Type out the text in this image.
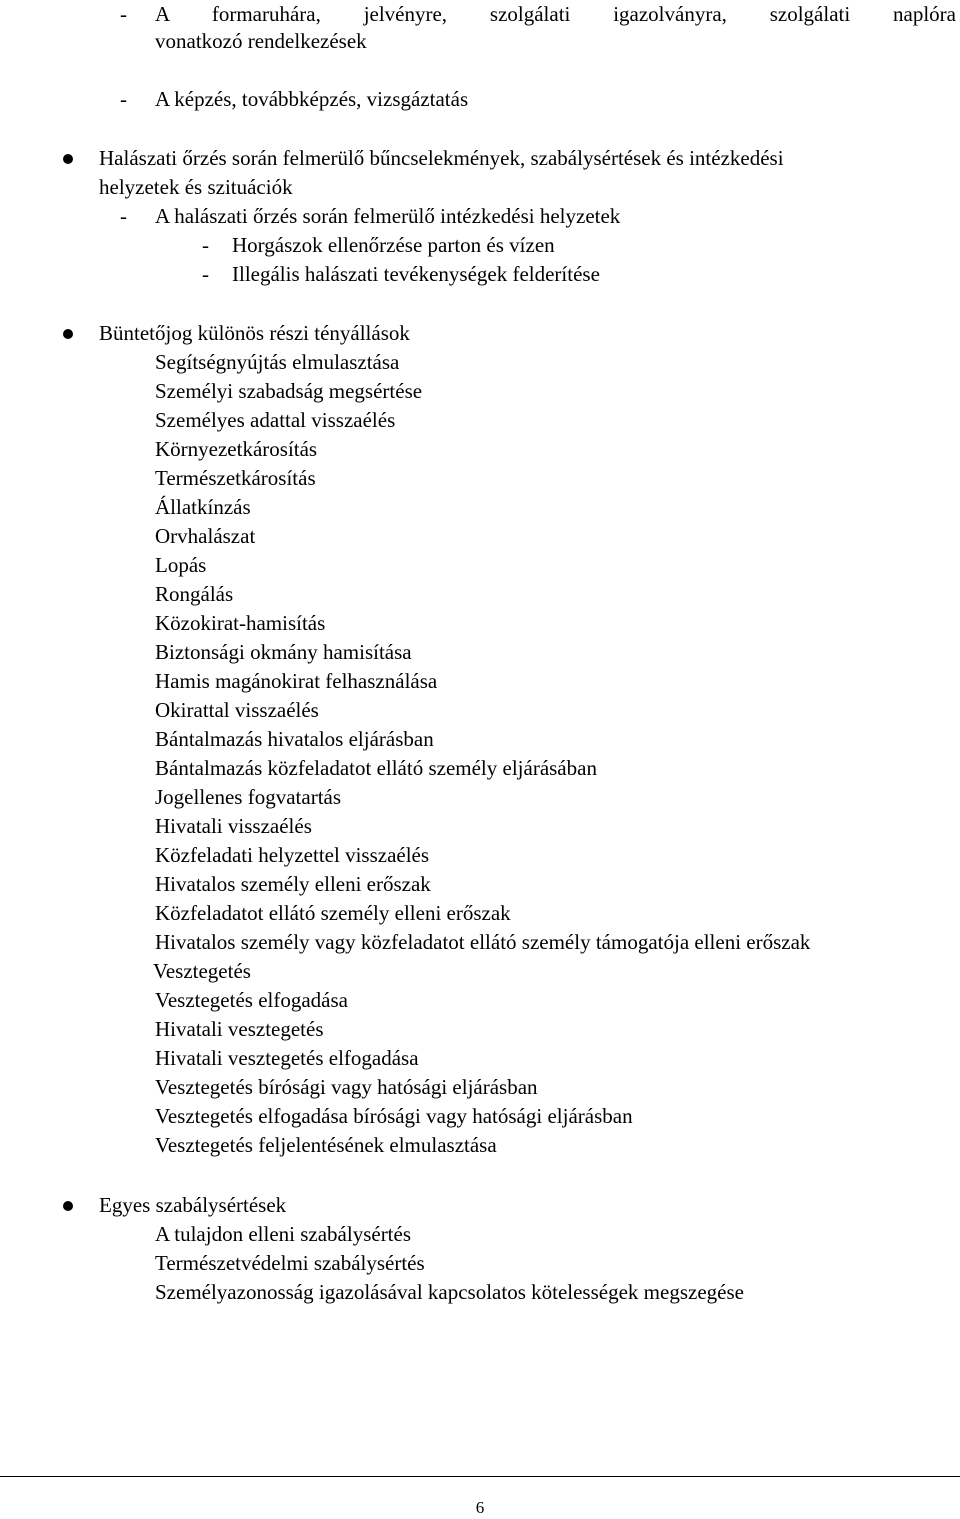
- A formaruhára, jelvényre, szolgálati igazolványra, szolgálati naplóra
vonatkozó rendelkezések
- A képzés, továbbképzés, vizsgáztatás
Halászati őrzés során felmerülő bűncselekmények, szabálysértések és intézkedési
helyzetek és szituációk
- A halászati őrzés során felmerülő intézkedési helyzetek
- Horgászok ellenőrzése parton és vízen
- Illegális halászati tevékenységek felderítése
Büntetőjog különös részi tényállások
Segítségnyújtás elmulasztása
Személyi szabadság megsértése
Személyes adattal visszaélés
Környezetkárosítás
Természetkárosítás
Állatkínzás
Orvhalászat
Lopás
Rongálás
Közokirat-hamisítás
Biztonsági okmány hamisítása
Hamis magánokirat felhasználása
Okirattal visszaélés
Bántalmazás hivatalos eljárásban
Bántalmazás közfeladatot ellátó személy eljárásában
Jogellenes fogvatartás
Hivatali visszaélés
Közfeladati helyzettel visszaélés
Hivatalos személy elleni erőszak
Közfeladatot ellátó személy elleni erőszak
Hivatalos személy vagy közfeladatot ellátó személy támogatója elleni erőszak
Vesztegetés
Vesztegetés elfogadása
Hivatali vesztegetés
Hivatali vesztegetés elfogadása
Vesztegetés bírósági vagy hatósági eljárásban
Vesztegetés elfogadása bírósági vagy hatósági eljárásban
Vesztegetés feljelentésének elmulasztása
Egyes szabálysértések
A tulajdon elleni szabálysértés
Természetvédelmi szabálysértés
Személyazonosság igazolásával kapcsolatos kötelességek megszegése
6
